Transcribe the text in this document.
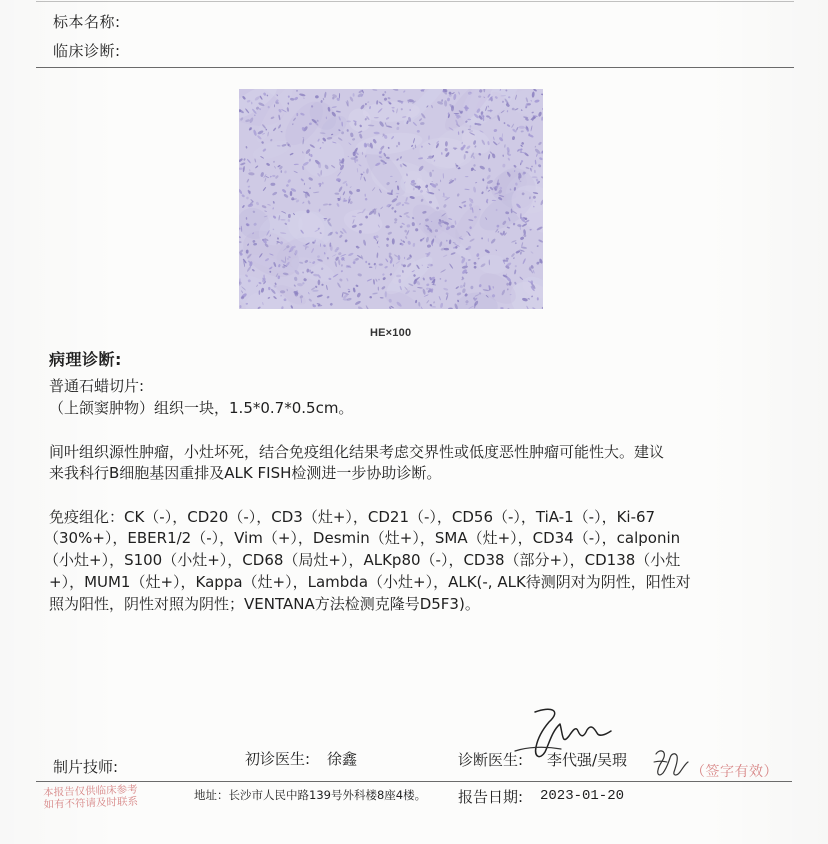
标本名称:
临床诊断:
HE×100
病理诊断:
普通石蜡切片:
（上颌窦肿物）组织一块，1.5*0.7*0.5cm。
间叶组织源性肿瘤，小灶坏死，结合免疫组化结果考虑交界性或低度恶性肿瘤可能性大。建议
来我科行B细胞基因重排及ALK FISH检测进一步协助诊断。
免疫组化：CK（-），CD20（-），CD3（灶+），CD21（-），CD56（-），TiA-1（-），Ki-67
（30%+），EBER1/2（-），Vim（+），Desmin（灶+），SMA（灶+），CD34（-），calponin
（小灶+），S100（小灶+），CD68（局灶+），ALKp80（-），CD38（部分+），CD138（小灶
+），MUM1（灶+），Kappa（灶+），Lambda（小灶+），ALK(-, ALK待测阴对为阴性，阳性对
照为阳性，阴性对照为阴性；VENTANA方法检测克隆号D5F3)。
制片技师:	初诊医生: 徐鑫	诊断医生: 李代强/吴瑕
（签字有效）
本报告仅供临床参考
如有不符请及时联系
地址：长沙市人民中路139号外科楼8座4楼。 报告日期: 2023-01-20
